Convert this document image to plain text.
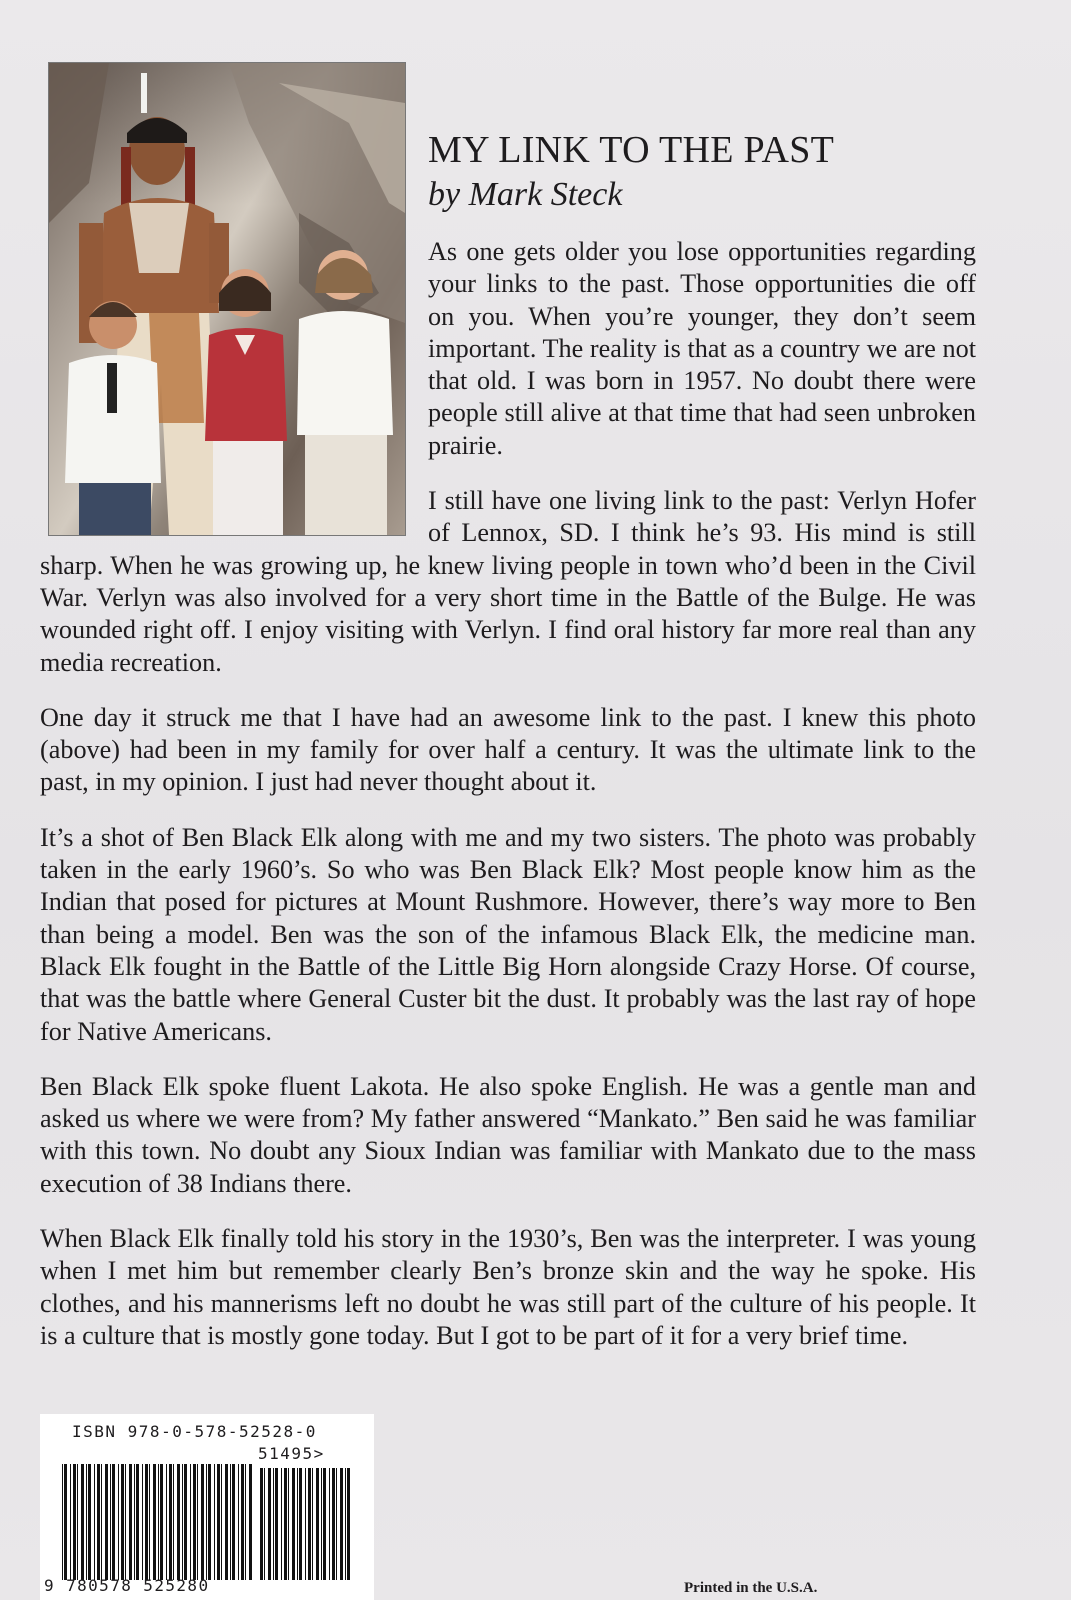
MY LINK TO THE PAST
by Mark Steck

As one gets older you lose opportunities regarding your links to the past. Those opportunities die off on you. When you’re younger, they don’t seem important. The reality is that as a country we are not that old. I was born in 1957. No doubt there were people still alive at that time that had seen unbroken prairie.

I still have one living link to the past: Verlyn Hofer of Lennox, SD. I think he’s 93. His mind is still sharp. When he was growing up, he knew living people in town who’d been in the Civil War. Verlyn was also involved for a very short time in the Battle of the Bulge. He was wounded right off. I enjoy visiting with Verlyn. I find oral history far more real than any media recreation.

One day it struck me that I have had an awesome link to the past. I knew this photo (above) had been in my family for over half a century. It was the ultimate link to the past, in my opinion. I just had never thought about it.

It’s a shot of Ben Black Elk along with me and my two sisters. The photo was probably taken in the early 1960’s. So who was Ben Black Elk? Most people know him as the Indian that posed for pictures at Mount Rushmore. However, there’s way more to Ben than being a model. Ben was the son of the infamous Black Elk, the medicine man. Black Elk fought in the Battle of the Little Big Horn alongside Crazy Horse. Of course, that was the battle where General Custer bit the dust. It probably was the last ray of hope for Native Americans.

Ben Black Elk spoke fluent Lakota. He also spoke English. He was a gentle man and asked us where we were from? My father answered “Mankato.” Ben said he was familiar with this town. No doubt any Sioux Indian was familiar with Mankato due to the mass execution of 38 Indians there.

When Black Elk finally told his story in the 1930’s, Ben was the interpreter. I was young when I met him but remember clearly Ben’s bronze skin and the way he spoke. His clothes, and his mannerisms left no doubt he was still part of the culture of his people. It is a culture that is mostly gone today. But I got to be part of it for a very brief time.

ISBN 978-0-578-52528-0
51495>
9 780578 525280	Printed in the U.S.A.
